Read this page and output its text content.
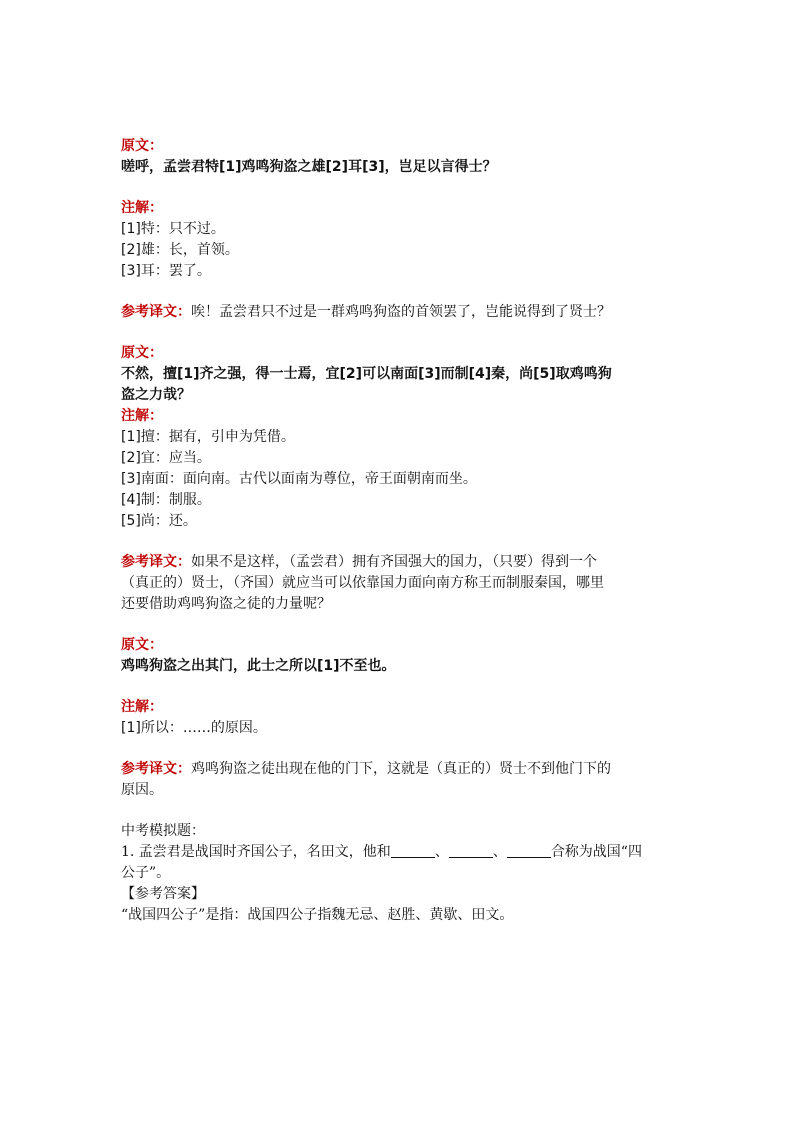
原文：
嗟呼，孟尝君特[1]鸡鸣狗盗之雄[2]耳[3]，岂足以言得士？
注解：
[1]特：只不过。
[2]雄：长，首领。
[3]耳：罢了。
参考译文：唉！孟尝君只不过是一群鸡鸣狗盗的首领罢了，岂能说得到了贤士？
原文：
不然，擅[1]齐之强，得一士焉，宜[2]可以南面[3]而制[4]秦，尚[5]取鸡鸣狗
盗之力哉？
注解：
[1]擅：据有，引申为凭借。
[2]宜：应当。
[3]南面：面向南。古代以面南为尊位，帝王面朝南而坐。
[4]制：制服。
[5]尚：还。
参考译文：如果不是这样，（孟尝君）拥有齐国强大的国力，（只要）得到一个
（真正的）贤士，（齐国）就应当可以依靠国力面向南方称王而制服秦国，哪里
还要借助鸡鸣狗盗之徒的力量呢？
原文：
鸡鸣狗盗之出其门，此士之所以[1]不至也。
注解：
[1]所以：……的原因。
参考译文：鸡鸣狗盗之徒出现在他的门下，这就是（真正的）贤士不到他门下的
原因。
中考模拟题：
1. 孟尝君是战国时齐国公子，名田文，他和	、	、	合称为战国“四
公子”。
【参考答案】
“战国四公子”是指：战国四公子指魏无忌、赵胜、黄歇、田文。
